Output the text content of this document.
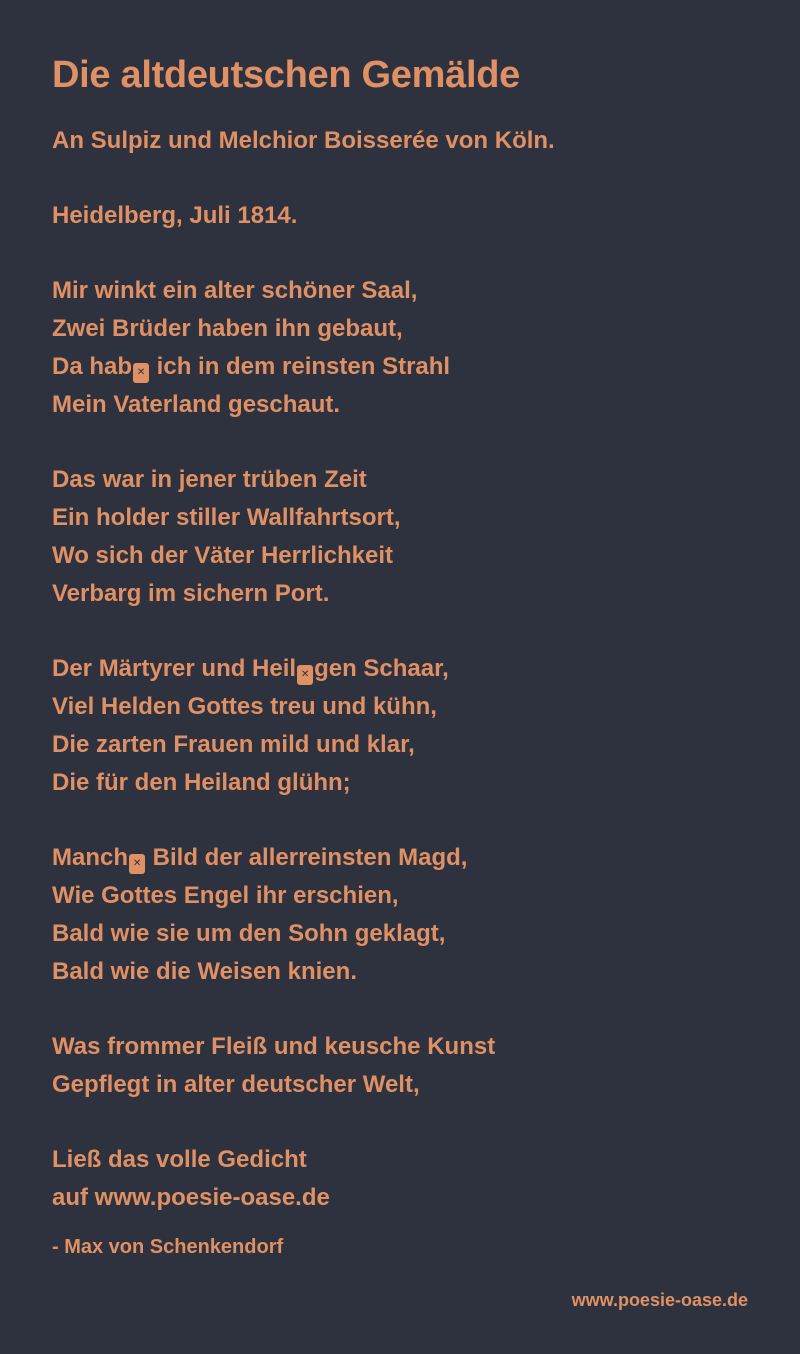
Die altdeutschen Gemälde

An Sulpiz und Melchior Boisserée von Köln.

Heidelberg, Juli 1814.

Mir winkt ein alter schöner Saal,
Zwei Brüder haben ihn gebaut,
Da hab ✕ ich in dem reinsten Strahl
Mein Vaterland geschaut.
Das war in jener trüben Zeit
Ein holder stiller Wallfahrtsort,
Wo sich der Väter Herrlichkeit
Verbarg im sichern Port.
Der Märtyrer und Heil ✕ gen Schaar,
Viel Helden Gottes treu und kühn,
Die zarten Frauen mild und klar,
Die für den Heiland glühn;
Manch ✕ Bild der allerreinsten Magd,
Wie Gottes Engel ihr erschien,
Bald wie sie um den Sohn geklagt,
Bald wie die Weisen knien.
Was frommer Fleiß und keusche Kunst
Gepflegt in alter deutscher Welt,
Ließ das volle Gedicht
auf www.poesie-oase.de

- Max von Schenkendorf

www.poesie-oase.de
